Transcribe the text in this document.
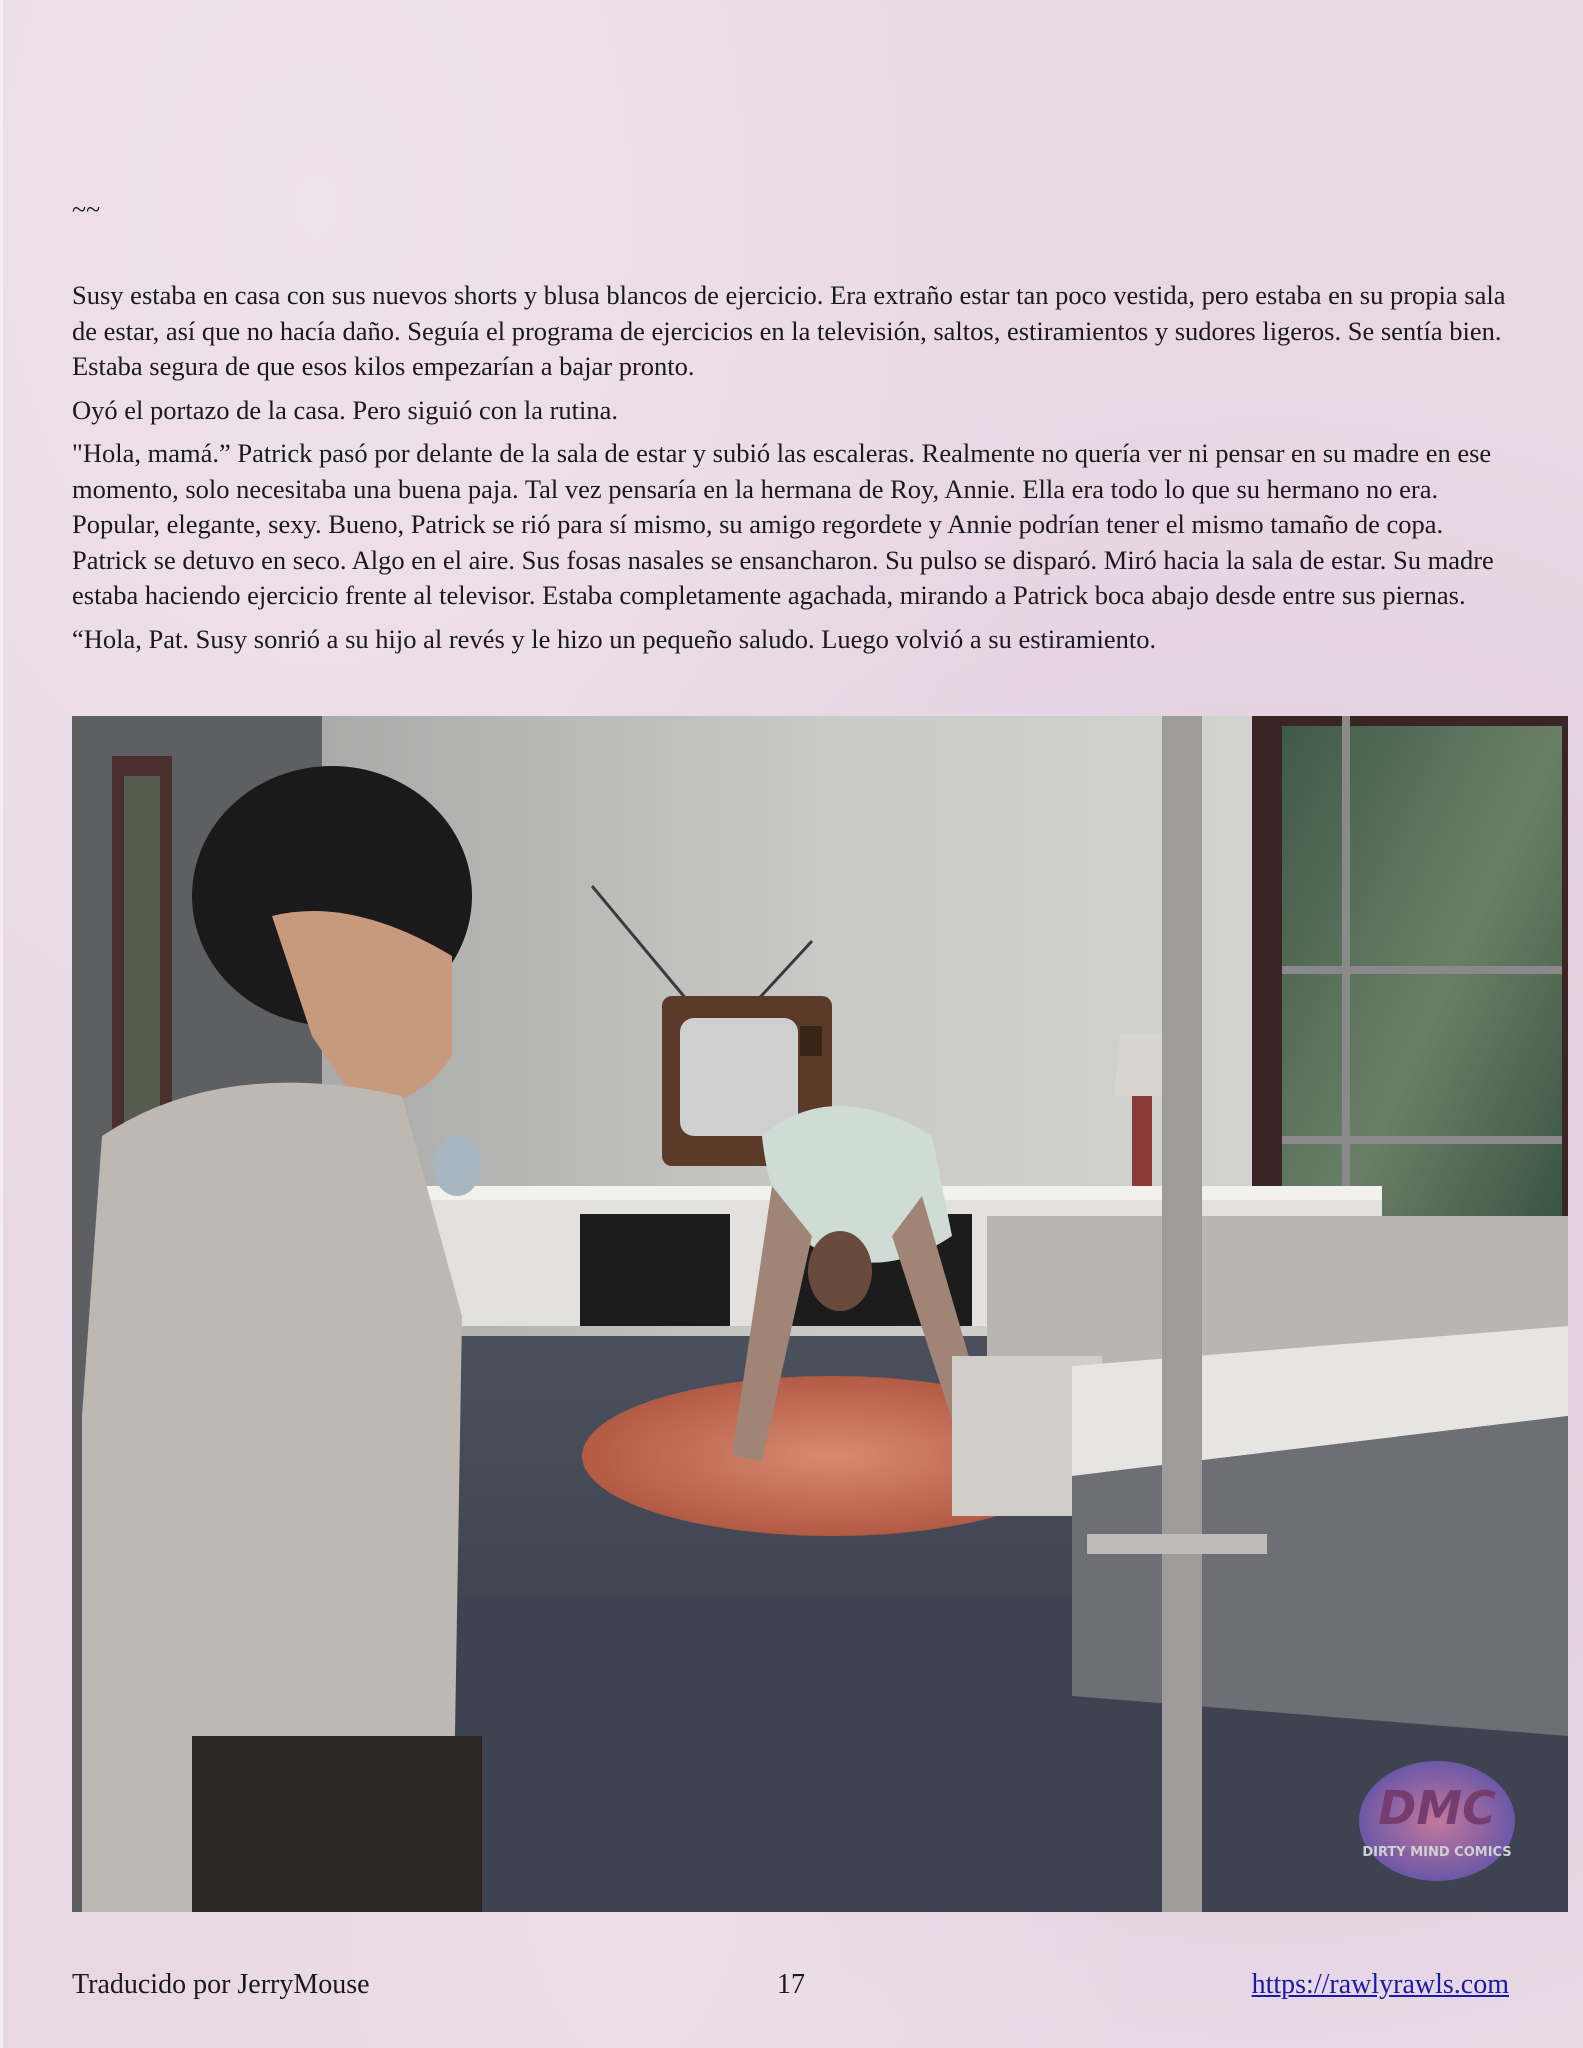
~~

Susy estaba en casa con sus nuevos shorts y blusa blancos de ejercicio. Era extraño estar tan poco vestida, pero estaba en su propia sala de estar, así que no hacía daño. Seguía el programa de ejercicios en la televisión, saltos, estiramientos y sudores ligeros. Se sentía bien. Estaba segura de que esos kilos empezarían a bajar pronto.

Oyó el portazo de la casa. Pero siguió con la rutina.

"Hola, mamá.” Patrick pasó por delante de la sala de estar y subió las escaleras. Realmente no quería ver ni pensar en su madre en ese momento, solo necesitaba una buena paja. Tal vez pensaría en la hermana de Roy, Annie. Ella era todo lo que su hermano no era. Popular, elegante, sexy. Bueno, Patrick se rió para sí mismo, su amigo regordete y Annie podrían tener el mismo tamaño de copa. Patrick se detuvo en seco. Algo en el aire. Sus fosas nasales se ensancharon. Su pulso se disparó. Miró hacia la sala de estar. Su madre estaba haciendo ejercicio frente al televisor. Estaba completamente agachada, mirando a Patrick boca abajo desde entre sus piernas.

“Hola, Pat. Susy sonrió a su hijo al revés y le hizo un pequeño saludo. Luego volvió a su estiramiento.

DMC
DIRTY MIND COMICS
Traducido por JerryMouse	17	https://rawlyrawls.com
